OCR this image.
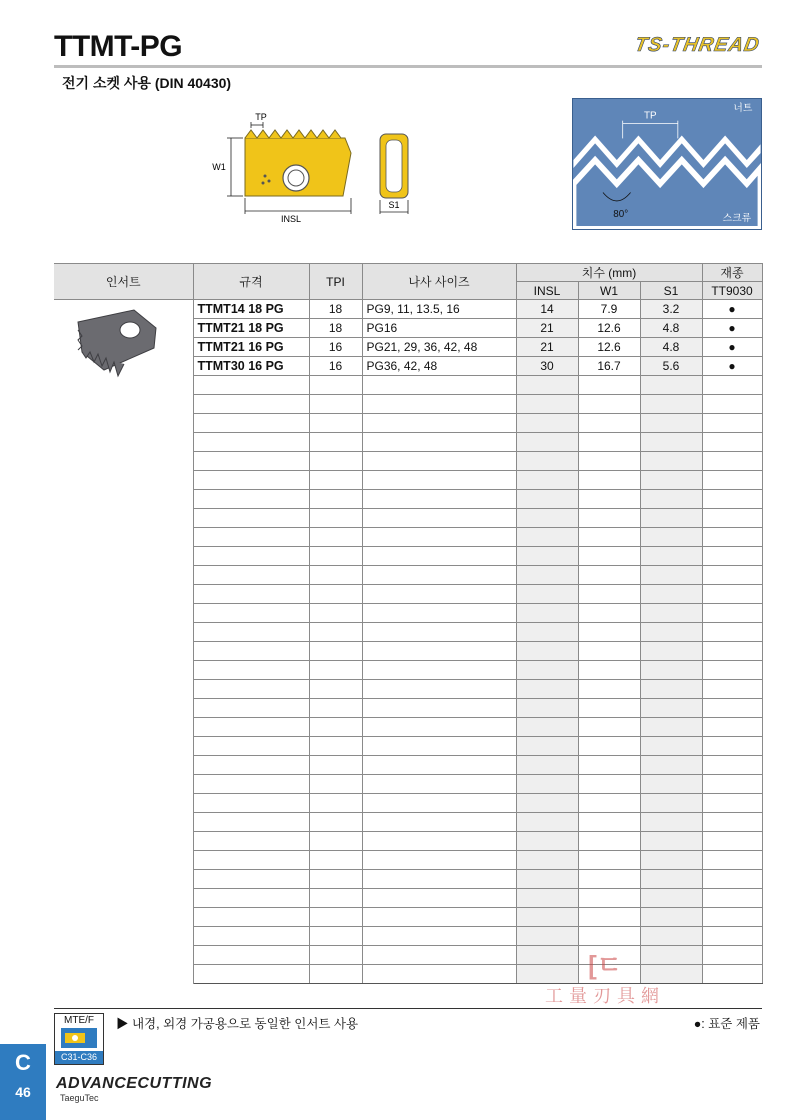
TTMT-PG	TS-THREAD
전기 소켓 사용 (DIN 40430)
INSL
TP
W1
S1
TP
너트
80°	스크류
인서트	규격	TPI	나사 사이즈	치수 (mm)			재종
				INSL	W1	S1	TT9030
	TTMT14 18 PG	18	PG9, 11, 13.5, 16	14	7.9	3.2	●
	TTMT21 18 PG	18	PG16	21	12.6	4.8	●
	TTMT21 16 PG	16	PG21, 29, 36, 42, 48	21	12.6	4.8	●
	TTMT30 16 PG	16	PG36, 42, 48	30	16.7	5.6	●

[ㄷ
工量刃具網
MTE/F
C31-C36
▶ 내경, 외경 가공용으로 동일한 인서트 사용	●: 표준 제품
C
46	ADVANCECUTTING
TaeguTec
